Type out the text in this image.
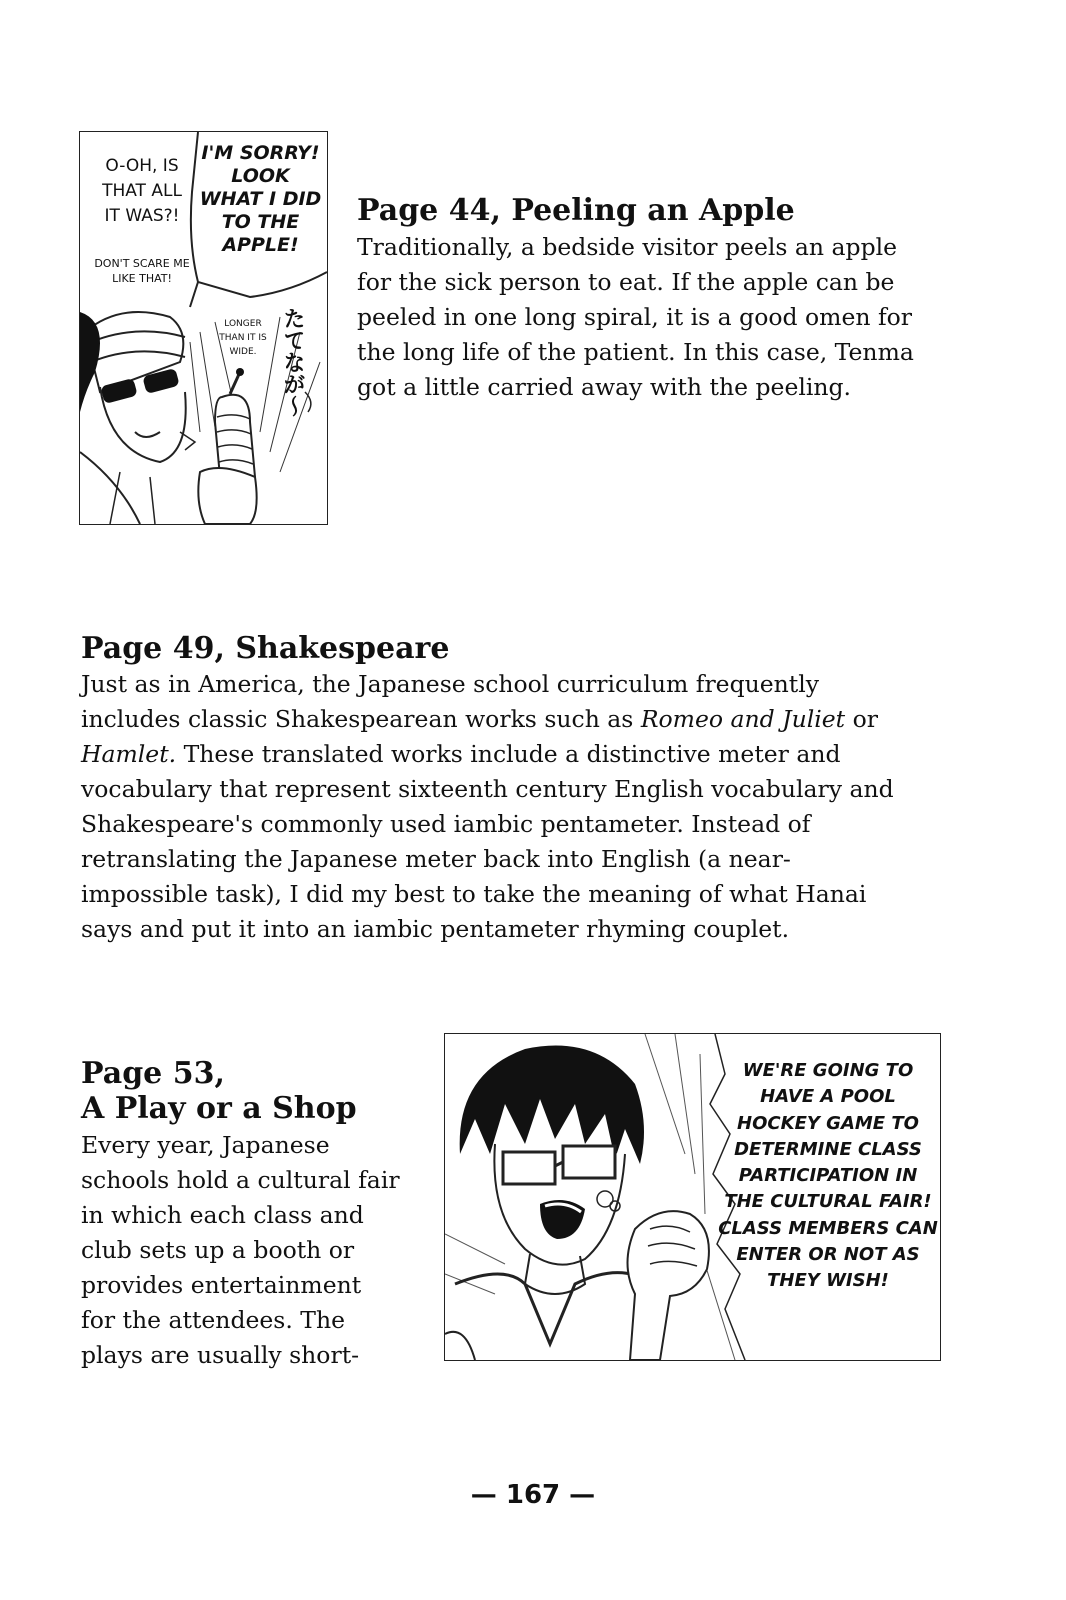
O-OH, IS THAT ALL IT WAS?!
DON'T SCARE ME LIKE THAT!
I'M SORRY! LOOK WHAT I DID TO THE APPLE!
LONGER THAN IT IS WIDE.	たてなが〜
Page 44, Peeling an Apple

Traditionally, a bedside visitor peels an apple

for the sick person to eat. If the apple can be

peeled in one long spiral, it is a good omen for

the long life of the patient. In this case, Tenma

got a little carried away with the peeling.

Page 49, Shakespeare

Just as in America, the Japanese school curriculum frequently

includes classic Shakespearean works such as Romeo and Juliet or

Hamlet. These translated works include a distinctive meter and

vocabulary that represent sixteenth century English vocabulary and

Shakespeare's commonly used iambic pentameter. Instead of

retranslating the Japanese meter back into English (a near-

impossible task), I did my best to take the meaning of what Hanai

says and put it into an iambic pentameter rhyming couplet.

Page 53,
A Play or a Shop

Every year, Japanese

schools hold a cultural fair

in which each class and

club sets up a booth or

provides entertainment

for the attendees. The

plays are usually short-

WE'RE GOING TO HAVE A POOL HOCKEY GAME TO DETERMINE CLASS PARTICIPATION IN THE CULTURAL FAIR! CLASS MEMBERS CAN ENTER OR NOT AS THEY WISH!
— 167 —
